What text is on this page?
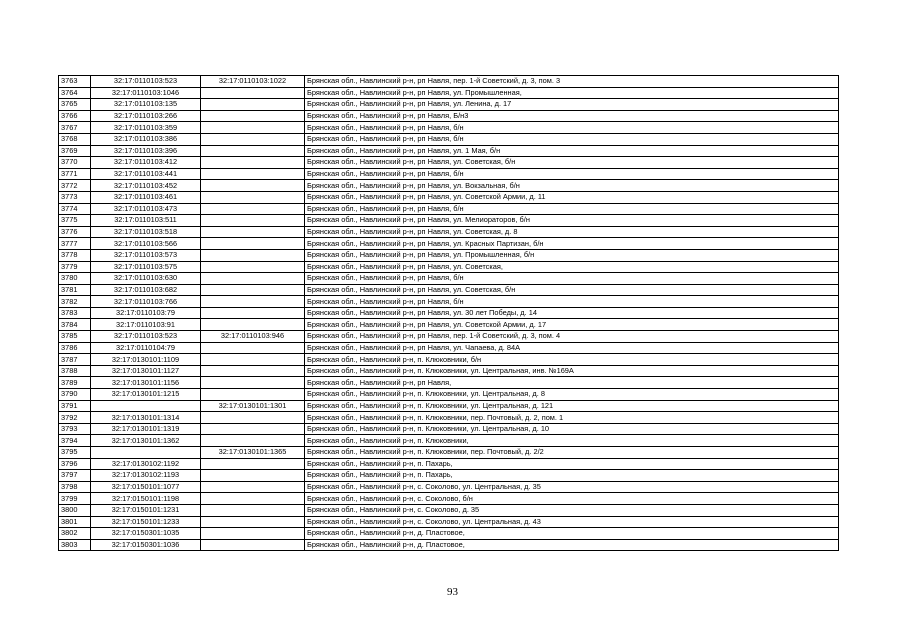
3763	32:17:0110103:523	32:17:0110103:1022	Брянская обл., Навлинский р-н, рп Навля, пер. 1-й Советский, д. 3, пом. 3
3764	32:17:0110103:1046		Брянская обл., Навлинский р-н, рп Навля, ул. Промышленная,
3765	32:17:0110103:135		Брянская обл., Навлинский р-н, рп Навля, ул. Ленина, д. 17
3766	32:17:0110103:266		Брянская обл., Навлинский р-н, рп Навля, Б/н3
3767	32:17:0110103:359		Брянская обл., Навлинский р-н, рп Навля, б/н
3768	32:17:0110103:386		Брянская обл., Навлинский р-н, рп Навля, б/н
3769	32:17:0110103:396		Брянская обл., Навлинский р-н, рп Навля, ул. 1 Мая, б/н
3770	32:17:0110103:412		Брянская обл., Навлинский р-н, рп Навля, ул. Советская, б/н
3771	32:17:0110103:441		Брянская обл., Навлинский р-н, рп Навля, б/н
3772	32:17:0110103:452		Брянская обл., Навлинский р-н, рп Навля, ул. Вокзальная, б/н
3773	32:17:0110103:461		Брянская обл., Навлинский р-н, рп Навля, ул. Советской Армии, д. 11
3774	32:17:0110103:473		Брянская обл., Навлинский р-н, рп Навля, б/н
3775	32:17:0110103:511		Брянская обл., Навлинский р-н, рп Навля, ул. Мелиораторов, б/н
3776	32:17:0110103:518		Брянская обл., Навлинский р-н, рп Навля, ул. Советская, д. 8
3777	32:17:0110103:566		Брянская обл., Навлинский р-н, рп Навля, ул. Красных Партизан, б/н
3778	32:17:0110103:573		Брянская обл., Навлинский р-н, рп Навля, ул. Промышленная, б/н
3779	32:17:0110103:575		Брянская обл., Навлинский р-н, рп Навля, ул. Советская,
3780	32:17:0110103:630		Брянская обл., Навлинский р-н, рп Навля, б/н
3781	32:17:0110103:682		Брянская обл., Навлинский р-н, рп Навля, ул. Советская, б/н
3782	32:17:0110103:766		Брянская обл., Навлинский р-н, рп Навля, б/н
3783	32:17:0110103:79		Брянская обл., Навлинский р-н, рп Навля, ул. 30 лет Победы, д. 14
3784	32:17:0110103:91		Брянская обл., Навлинский р-н, рп Навля, ул. Советской Армии, д. 17
3785	32:17:0110103:523	32:17:0110103:946	Брянская обл., Навлинский р-н, рп Навля, пер. 1-й Советский, д. 3, пом. 4
3786	32:17:0110104:79		Брянская обл., Навлинский р-н, рп Навля, ул. Чапаева, д. 84А
3787	32:17:0130101:1109		Брянская обл., Навлинский р-н, п. Клюковники, б/н
3788	32:17:0130101:1127		Брянская обл., Навлинский р-н, п. Клюковники, ул. Центральная, инв. №169А
3789	32:17:0130101:1156		Брянская обл., Навлинский р-н, рп Навля,
3790	32:17:0130101:1215		Брянская обл., Навлинский р-н, п. Клюковники, ул. Центральная, д. 8
3791		32:17:0130101:1301	Брянская обл., Навлинский р-н, п. Клюковники, ул. Центральная, д. 121
3792	32:17:0130101:1314		Брянская обл., Навлинский р-н, п. Клюковники, пер. Почтовый, д. 2, пом. 1
3793	32:17:0130101:1319		Брянская обл., Навлинский р-н, п. Клюковники, ул. Центральная, д. 10
3794	32:17:0130101:1362		Брянская обл., Навлинский р-н, п. Клюковники,
3795		32:17:0130101:1365	Брянская обл., Навлинский р-н, п. Клюковники, пер. Почтовый, д. 2/2
3796	32:17:0130102:1192		Брянская обл., Навлинский р-н, п. Пахарь,
3797	32:17:0130102:1193		Брянская обл., Навлинский р-н, п. Пахарь,
3798	32:17:0150101:1077		Брянская обл., Навлинский р-н, с. Соколово, ул. Центральная, д. 35
3799	32:17:0150101:1198		Брянская обл., Навлинский р-н, с. Соколово, б/н
3800	32:17:0150101:1231		Брянская обл., Навлинский р-н, с. Соколово, д. 35
3801	32:17:0150101:1233		Брянская обл., Навлинский р-н, с. Соколово, ул. Центральная, д. 43
3802	32:17:0150301:1035		Брянская обл., Навлинский р-н, д. Пластовое,
3803	32:17:0150301:1036		Брянская обл., Навлинский р-н, д. Пластовое,
93
